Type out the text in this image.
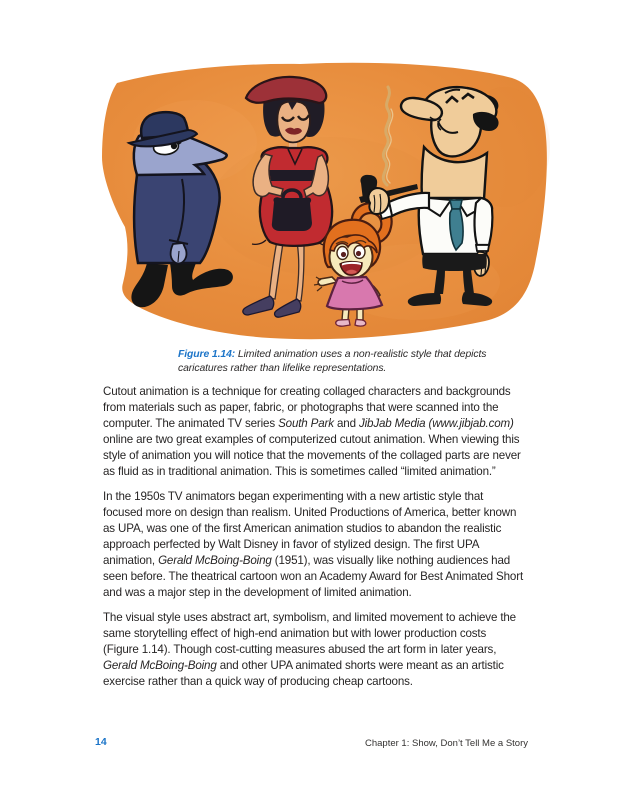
Figure 1.14: Limited animation uses a non-realistic style that depicts caricatures rather than lifelike representations.

Cutout animation is a technique for creating collaged characters and backgrounds from materials such as paper, fabric, or photographs that were scanned into the computer. The animated TV series South Park and JibJab Media (www.jibjab.com) online are two great examples of computerized cutout animation. When viewing this style of animation you will notice that the movements of the collaged parts are never as fluid as in traditional animation. This is sometimes called “limited animation.”

In the 1950s TV animators began experimenting with a new artistic style that focused more on design than realism. United Productions of America, better known as UPA, was one of the first American animation studios to abandon the realistic approach perfected by Walt Disney in favor of stylized design. The first UPA animation, Gerald McBoing-Boing (1951), was visually like nothing audiences had seen before. The theatrical cartoon won an Academy Award for Best Animated Short and was a major step in the development of limited animation.

The visual style uses abstract art, symbolism, and limited movement to achieve the same storytelling effect of high-end animation but with lower production costs (Figure 1.14). Though cost-cutting measures abused the art form in later years, Gerald McBoing-Boing and other UPA animated shorts were meant as an artistic exercise rather than a quick way of producing cheap cartoons.

14	Chapter 1: Show, Don’t Tell Me a Story
